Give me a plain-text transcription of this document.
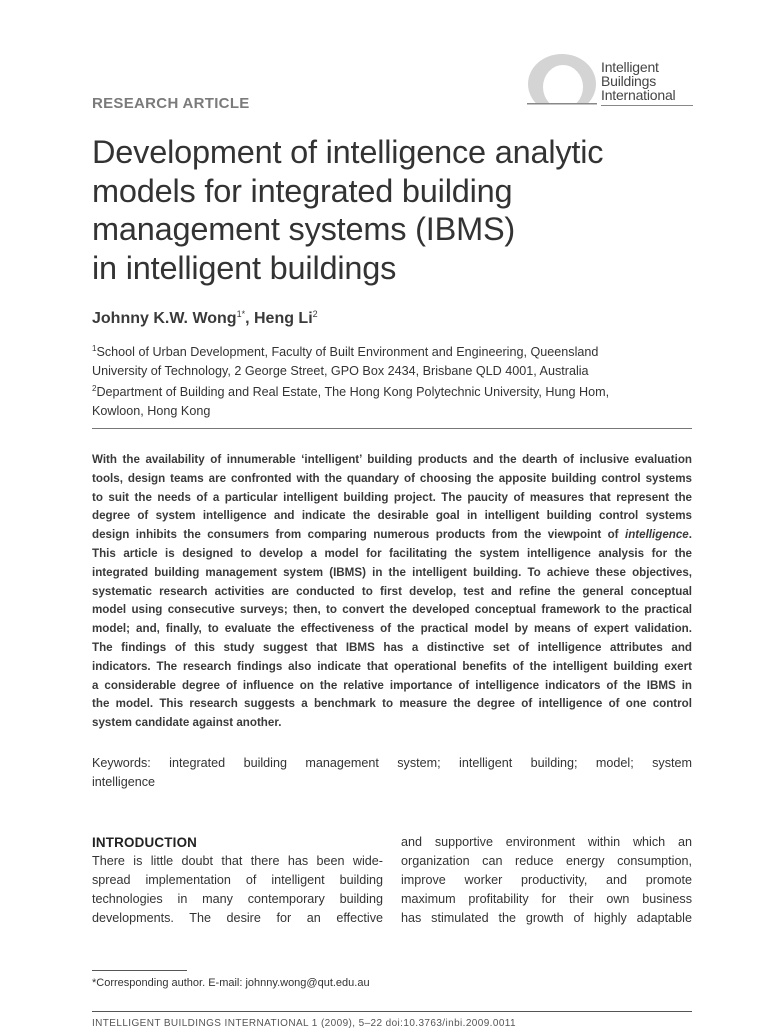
Intelligent
Buildings
International
RESEARCH ARTICLE
Development of intelligence analytic
models for integrated building
management systems (IBMS)
in intelligent buildings
Johnny K.W. Wong$^{1*}$, Heng Li$^2$
$^1$School of Urban Development, Faculty of Built Environment and Engineering, Queensland
University of Technology, 2 George Street, GPO Box 2434, Brisbane QLD 4001, Australia
$^2$Department of Building and Real Estate, The Hong Kong Polytechnic University, Hung Hom,
Kowloon, Hong Kong
With the availability of innumerable ‘intelligent’ building products and the dearth of inclusive evaluation
tools, design teams are confronted with the quandary of choosing the apposite building control systems
to suit the needs of a particular intelligent building project. The paucity of measures that represent the
degree of system intelligence and indicate the desirable goal in intelligent building control systems
design inhibits the consumers from comparing numerous products from the viewpoint of intelligence.
This article is designed to develop a model for facilitating the system intelligence analysis for the
integrated building management system (IBMS) in the intelligent building. To achieve these objectives,
systematic research activities are conducted to first develop, test and refine the general conceptual
model using consecutive surveys; then, to convert the developed conceptual framework to the practical
model; and, finally, to evaluate the effectiveness of the practical model by means of expert validation.
The findings of this study suggest that IBMS has a distinctive set of intelligence attributes and
indicators. The research findings also indicate that operational benefits of the intelligent building exert
a considerable degree of influence on the relative importance of intelligence indicators of the IBMS in
the model. This research suggests a benchmark to measure the degree of intelligence of one control
system candidate against another.
Keywords: integrated building management system; intelligent building; model; system
intelligence
INTRODUCTION
There is little doubt that there has been wide-
spread implementation of intelligent building
technologies in many contemporary building
developments. The desire for an effective
and supportive environment within which an
organization can reduce energy consumption,
improve worker productivity, and promote
maximum profitability for their own business
has stimulated the growth of highly adaptable
*Corresponding author. E-mail: johnny.wong@qut.edu.au
INTELLIGENT BUILDINGS INTERNATIONAL 1 (2009), 5–22 doi:10.3763/inbi.2009.0011
